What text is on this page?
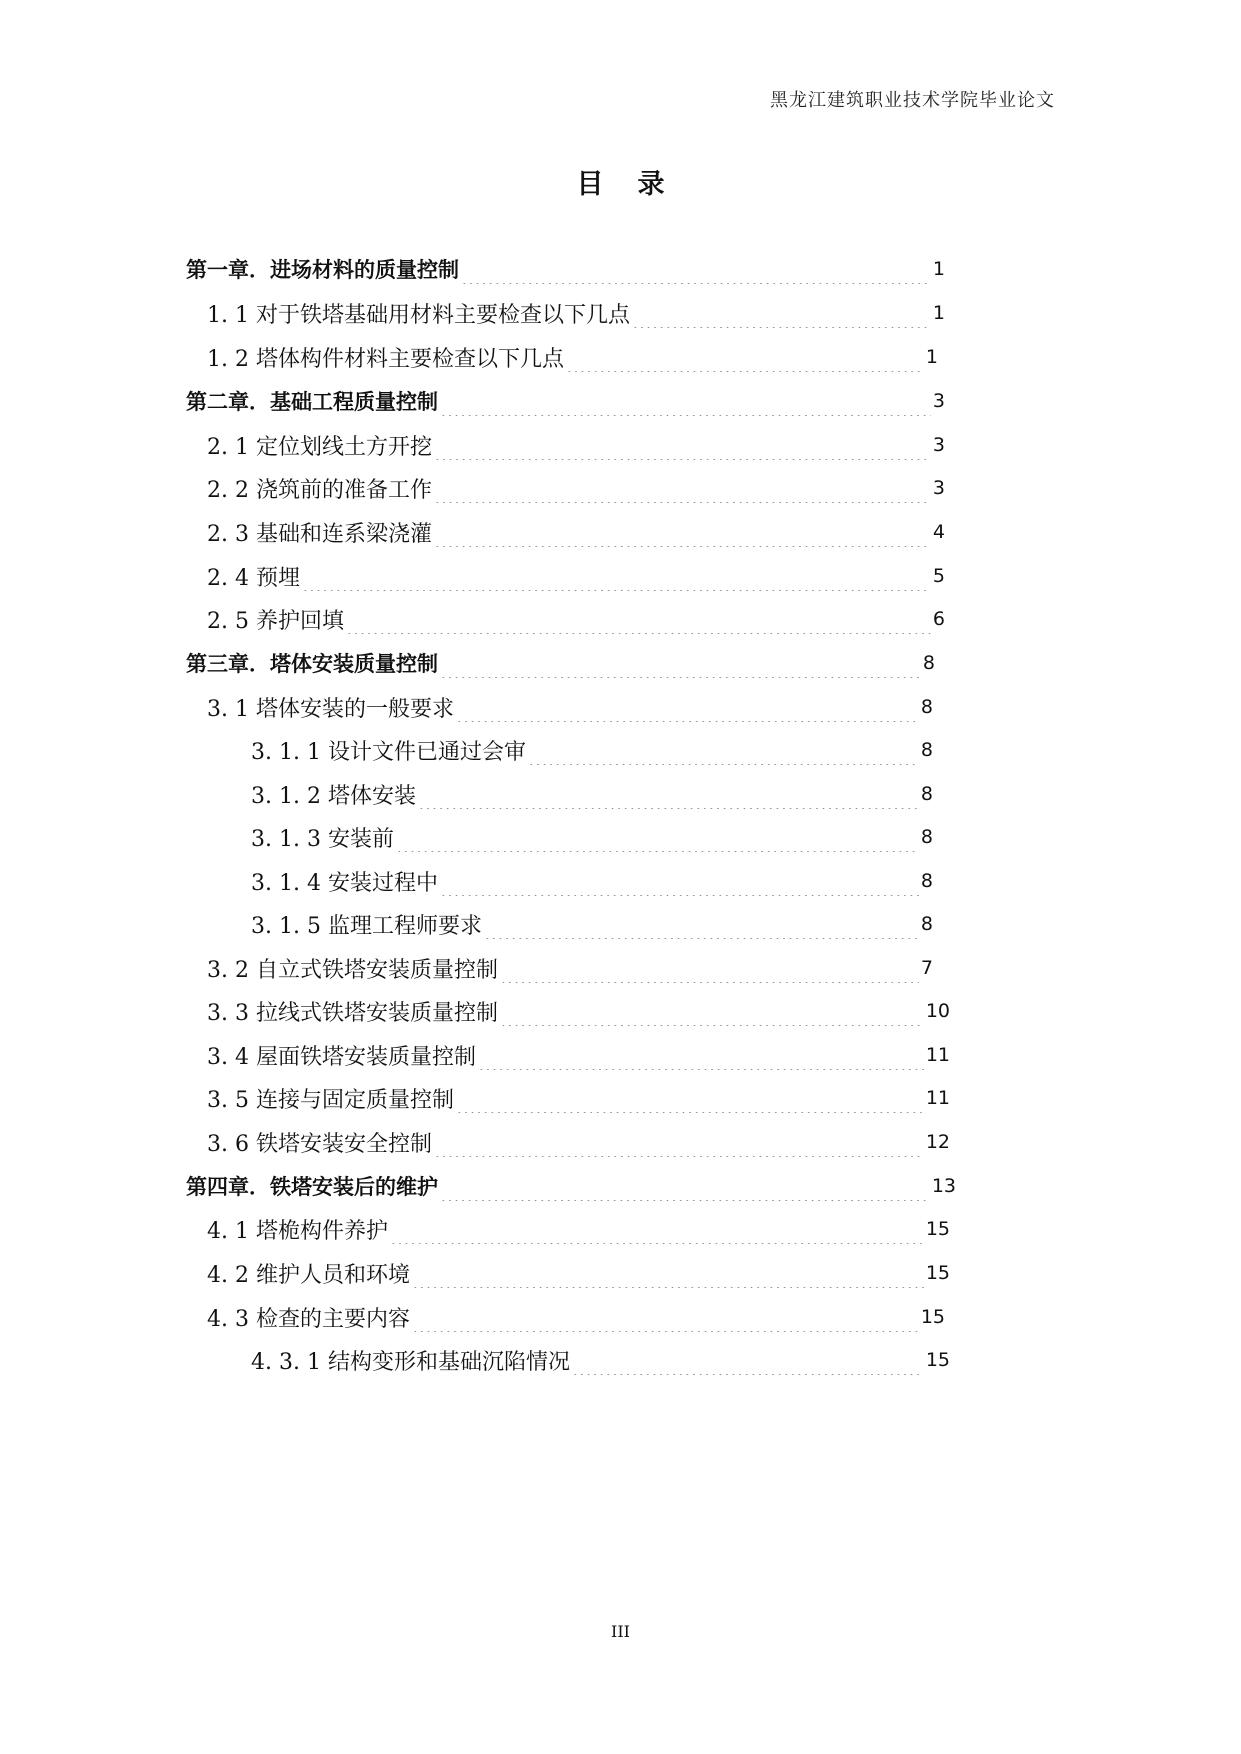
黑龙江建筑职业技术学院毕业论文
目录
第一章．进场材料的质量控制	1
1. 1 对于铁塔基础用材料主要检查以下几点	1
1. 2 塔体构件材料主要检查以下几点	1
第二章．基础工程质量控制	3
2. 1 定位划线土方开挖	3
2. 2 浇筑前的准备工作	3
2. 3 基础和连系梁浇灌	4
2. 4 预埋	5
2. 5 养护回填	6
第三章．塔体安装质量控制	8
3. 1 塔体安装的一般要求	8
3. 1. 1 设计文件已通过会审	8
3. 1. 2 塔体安装	8
3. 1. 3 安装前	8
3. 1. 4 安装过程中	8
3. 1. 5 监理工程师要求	8
3. 2 自立式铁塔安装质量控制	7
3. 3 拉线式铁塔安装质量控制	10
3. 4 屋面铁塔安装质量控制	11
3. 5 连接与固定质量控制	11
3. 6 铁塔安装安全控制	12
第四章．铁塔安装后的维护	13
4. 1 塔桅构件养护	15
4. 2 维护人员和环境	15
4. 3 检查的主要内容	15
4. 3. 1 结构变形和基础沉陷情况	15
III
